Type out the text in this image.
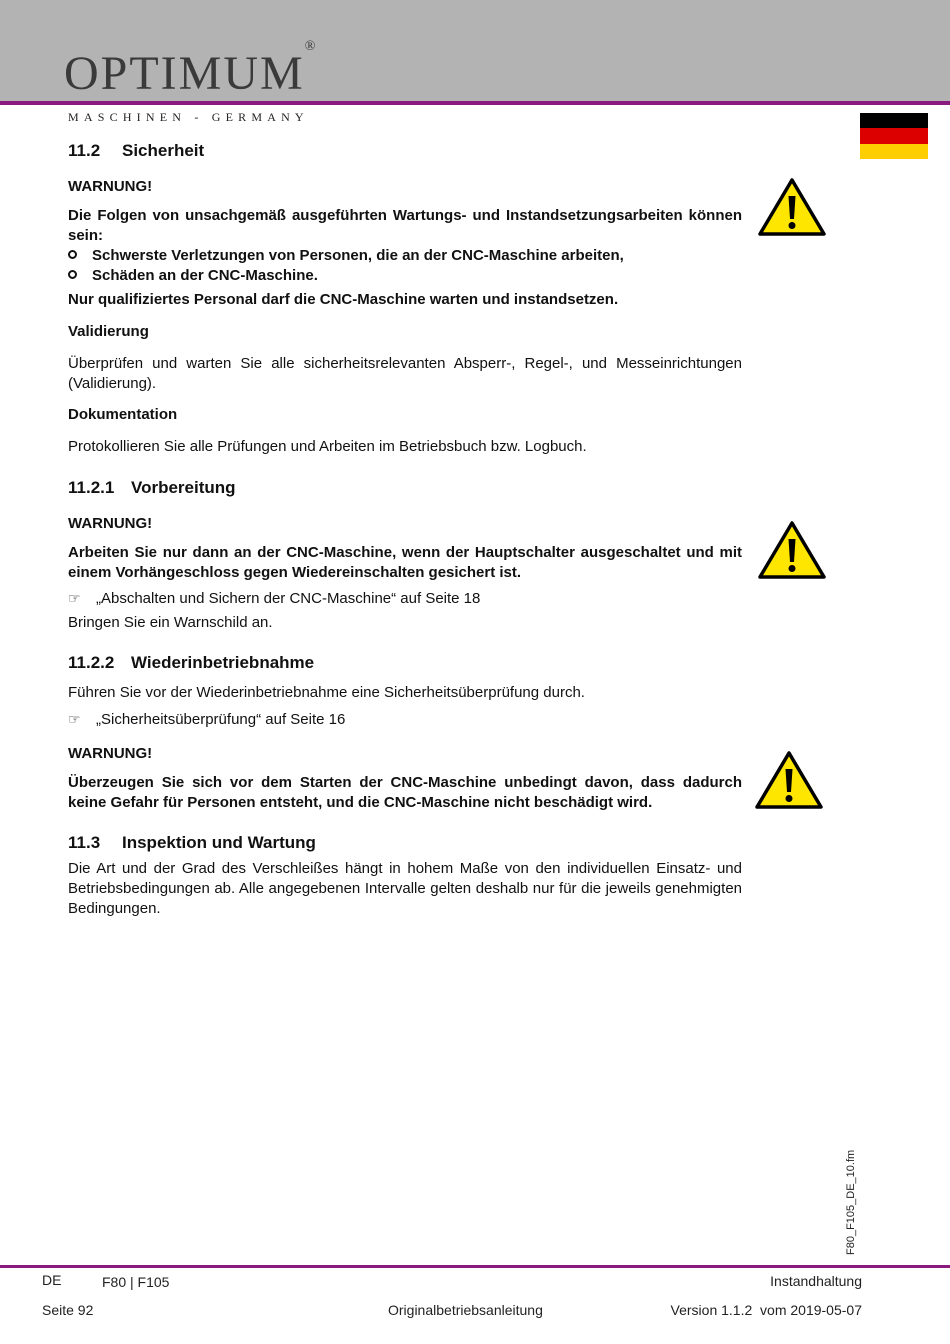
OPTIMUM®
MASCHINEN - GERMANY
11.2 Sicherheit
WARNUNG!
Die Folgen von unsachgemäß ausgeführten Wartungs- und Instandsetzungsarbeiten können sein:
Schwerste Verletzungen von Personen, die an der CNC-Maschine arbeiten,
Schäden an der CNC-Maschine.
Nur qualifiziertes Personal darf die CNC-Maschine warten und instandsetzen.
Validierung
Überprüfen und warten Sie alle sicherheitsrelevanten Absperr-, Regel-, und Messeinrichtungen (Validierung).
Dokumentation
Protokollieren Sie alle Prüfungen und Arbeiten im Betriebsbuch bzw. Logbuch.
11.2.1 Vorbereitung
WARNUNG!
Arbeiten Sie nur dann an der CNC-Maschine, wenn der Hauptschalter ausgeschaltet und mit einem Vorhängeschloss gegen Wiedereinschalten gesichert ist.
☞ „Abschalten und Sichern der CNC-Maschine“ auf Seite 18
Bringen Sie ein Warnschild an.
11.2.2 Wiederinbetriebnahme
Führen Sie vor der Wiederinbetriebnahme eine Sicherheitsüberprüfung durch.
☞ „Sicherheitsüberprüfung“ auf Seite 16
WARNUNG!
Überzeugen Sie sich vor dem Starten der CNC-Maschine unbedingt davon, dass dadurch keine Gefahr für Personen entsteht, und die CNC-Maschine nicht beschädigt wird.
11.3 Inspektion und Wartung
Die Art und der Grad des Verschleißes hängt in hohem Maße von den individuellen Einsatz- und Betriebsbedingungen ab. Alle angegebenen Intervalle gelten deshalb nur für die jeweils genehmigten Bedingungen.
F80_F105_DE_10.fm
DE	F80 | F105	Instandhaltung
Seite 92	Originalbetriebsanleitung	Version 1.1.2  vom 2019-05-07
